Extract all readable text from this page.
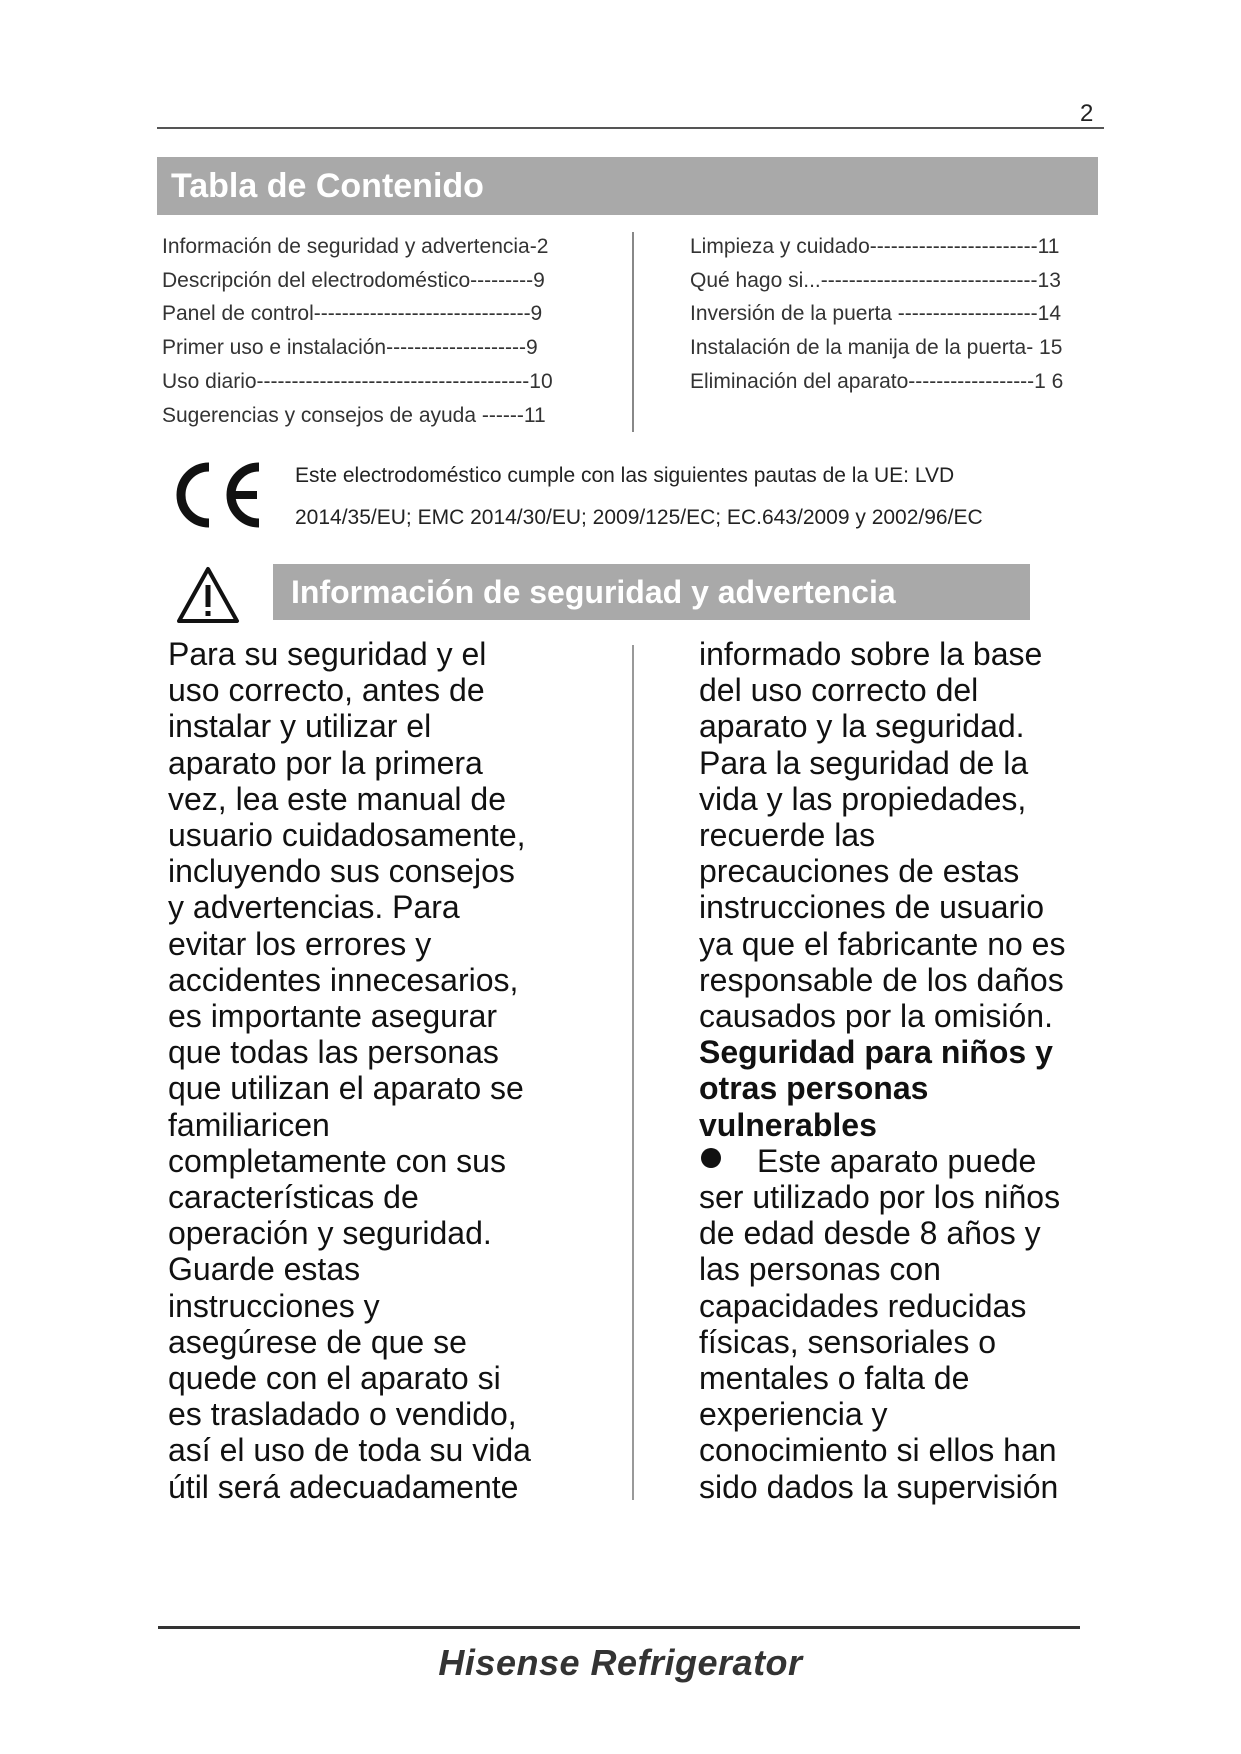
2
Tabla de Contenido
Información de seguridad y advertencia-2
Descripción del electrodoméstico---------9
Panel de control-------------------------------9
Primer uso e instalación--------------------9
Uso diario---------------------------------------10
Sugerencias y consejos de ayuda ------11
Limpieza y cuidado------------------------11
Qué hago si...-------------------------------13
Inversión de la puerta --------------------14
Instalación de la manija de la puerta- 15
Eliminación del aparato------------------1 6
Este electrodoméstico cumple con las siguientes pautas de la UE: LVD
2014/35/EU; EMC 2014/30/EU; 2009/125/EC; EC.643/2009 y 2002/96/EC
Información de seguridad y advertencia
Para su seguridad y el
uso correcto, antes de
instalar y utilizar el
aparato por la primera
vez, lea este manual de
usuario cuidadosamente,
incluyendo sus consejos
y advertencias. Para
evitar los errores y
accidentes innecesarios,
es importante asegurar
que todas las personas
que utilizan el aparato se
familiaricen
completamente con sus
características de
operación y seguridad.
Guarde estas
instrucciones y
asegúrese de que se
quede con el aparato si
es trasladado o vendido,
así el uso de toda su vida
útil será adecuadamente
informado sobre la base
del uso correcto del
aparato y la seguridad.
Para la seguridad de la
vida y las propiedades,
recuerde las
precauciones de estas
instrucciones de usuario
ya que el fabricante no es
responsable de los daños
causados por la omisión.
Seguridad para niños y
otras personas
vulnerables
Este aparato puede
ser utilizado por los niños
de edad desde 8 años y
las personas con
capacidades reducidas
físicas, sensoriales o
mentales o falta de
experiencia y
conocimiento si ellos han
sido dados la supervisión
Hisense Refrigerator
